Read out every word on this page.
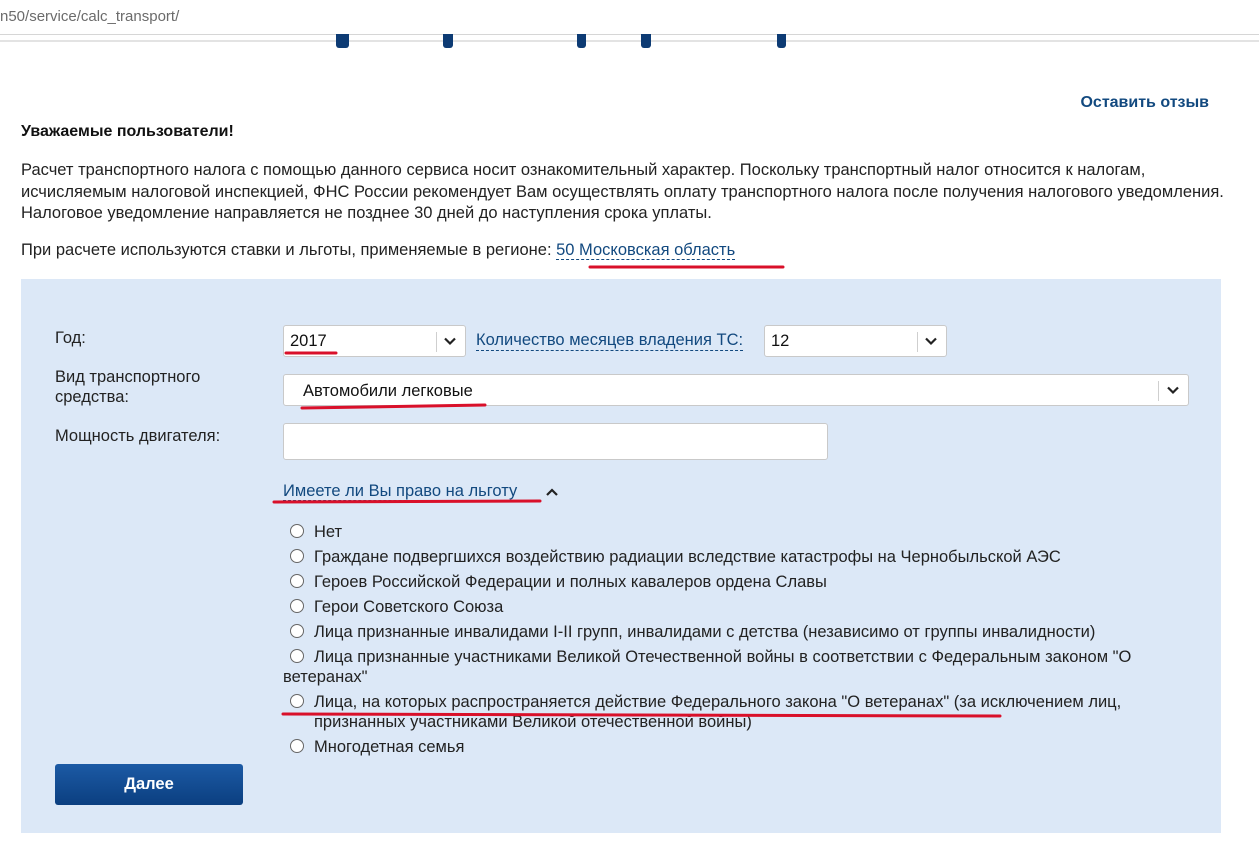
n50/service/calc_transport/
Оставить отзыв
Уважаемые пользователи!
Расчет транспортного налога с помощью данного сервиса носит ознакомительный характер. Поскольку транспортный налог относится к налогам, исчисляемым налоговой инспекцией, ФНС России рекомендует Вам осуществлять оплату транспортного налога после получения налогового уведомления. Налоговое уведомление направляется не позднее 30 дней до наступления срока уплаты.
При расчете используются ставки и льготы, применяемые в регионе: 50 Московская область
Год:	2017	Количество месяцев владения ТС: 12
Вид транспортного средства:	Автомобили легковые
Мощность двигателя:
Имеете ли Вы право на льготу
Нет
Граждане подвергшихся воздействию радиации вследствие катастрофы на Чернобыльской АЭС
Героев Российской Федерации и полных кавалеров ордена Славы
Герои Советского Союза
Лица признанные инвалидами I-II групп, инвалидами с детства (независимо от группы инвалидности)
Лица признанные участниками Великой Отечественной войны в соответствии с Федеральным законом "О ветеранах"
Лица, на которых распространяется действие Федерального закона "О ветеранах" (за исключением лиц, признанных участниками Великой отечественной войны)
Многодетная семья
Далее
